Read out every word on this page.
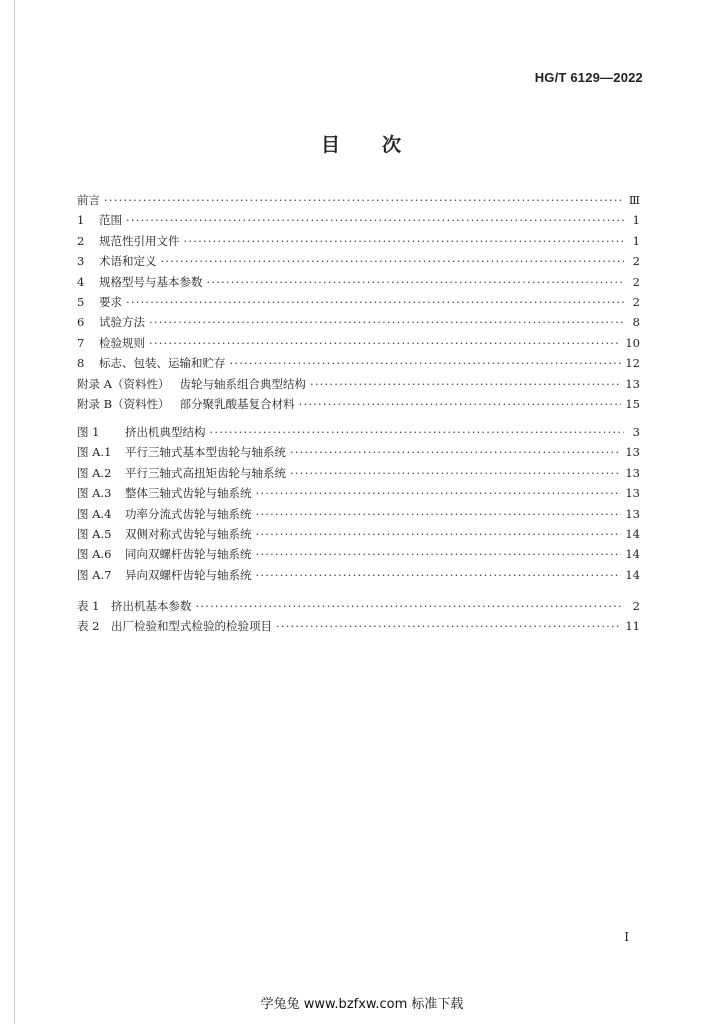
HG/T 6129—2022
目 次
前言 ·····	Ⅲ
1 范围 ·····	1
2 规范性引用文件 ·····	1
3 术语和定义 ·····	2
4 规格型号与基本参数 ·····	2
5 要求 ·····	2
6 试验方法 ·····	8
7 检验规则 ·····	10
8 标志、包装、运输和贮存 ·····	12
附录 A（资料性） 齿轮与轴系组合典型结构 ·····	13
附录 B（资料性） 部分聚乳酸基复合材料 ·····	15
图 1 挤出机典型结构 ·····	3
图 A.1 平行三轴式基本型齿轮与轴系统 ·····	13
图 A.2 平行三轴式高扭矩齿轮与轴系统 ·····	13
图 A.3 整体三轴式齿轮与轴系统 ·····	13
图 A.4 功率分流式齿轮与轴系统 ·····	13
图 A.5 双侧对称式齿轮与轴系统 ·····	14
图 A.6 同向双螺杆齿轮与轴系统 ·····	14
图 A.7 异向双螺杆齿轮与轴系统 ·····	14
表 1 挤出机基本参数 ·····	2
表 2 出厂检验和型式检验的检验项目 ·····	11
I
学兔兔 www.bzfxw.com 标准下载
